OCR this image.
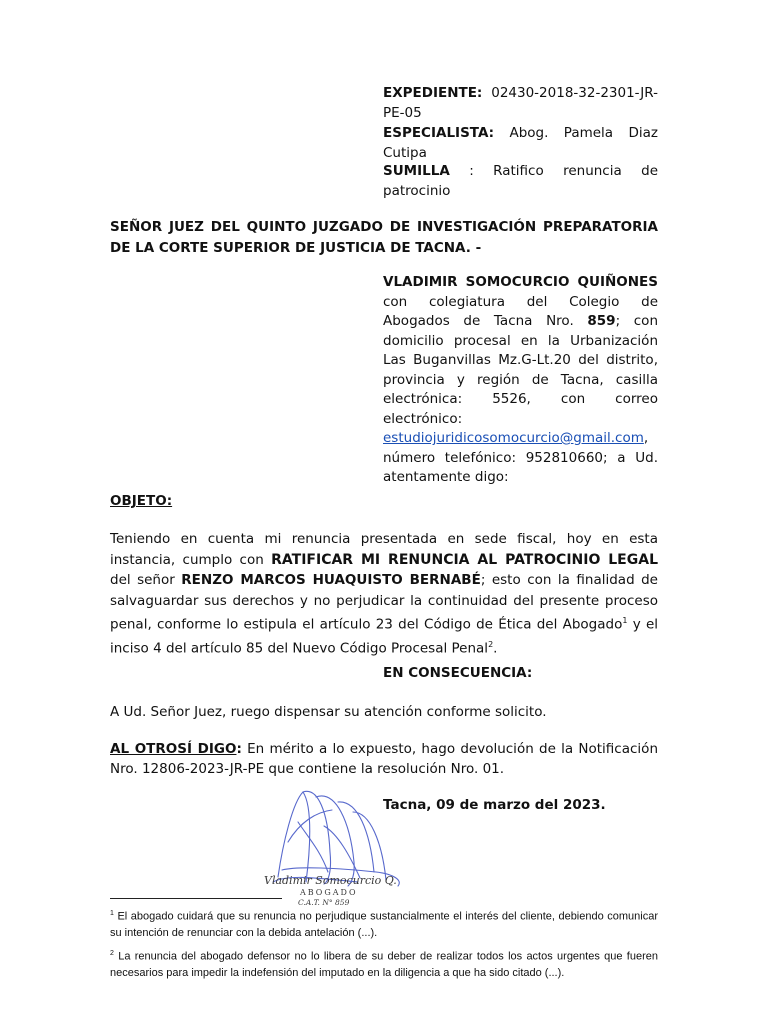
EXPEDIENTE: 02430-2018-32-2301-JR-PE-05
ESPECIALISTA: Abog. Pamela Diaz Cutipa
SUMILLA : Ratifico renuncia de patrocinio
SEÑOR JUEZ DEL QUINTO JUZGADO DE INVESTIGACIÓN PREPARATORIA DE LA CORTE SUPERIOR DE JUSTICIA DE TACNA. -
VLADIMIR SOMOCURCIO QUIÑONES con colegiatura del Colegio de Abogados de Tacna Nro. 859; con domicilio procesal en la Urbanización Las Buganvillas Mz.G-Lt.20 del distrito, provincia y región de Tacna, casilla electrónica: 5526, con correo electrónico: estudiojuridicosomocurcio@gmail.com, número telefónico: 952810660; a Ud. atentamente digo:
OBJETO:
Teniendo en cuenta mi renuncia presentada en sede fiscal, hoy en esta instancia, cumplo con RATIFICAR MI RENUNCIA AL PATROCINIO LEGAL del señor RENZO MARCOS HUAQUISTO BERNABÉ; esto con la finalidad de salvaguardar sus derechos y no perjudicar la continuidad del presente proceso penal, conforme lo estipula el artículo 23 del Código de Ética del Abogado$^1$ y el inciso 4 del artículo 85 del Nuevo Código Procesal Penal$^2$.
EN CONSECUENCIA:
A Ud. Señor Juez, ruego dispensar su atención conforme solicito.
AL OTROSÍ DIGO: En mérito a lo expuesto, hago devolución de la Notificación Nro. 12806-2023-JR-PE que contiene la resolución Nro. 01.
Tacna, 09 de marzo del 2023.
Vladimir Somocurcio Q.
ABOGADO
C.A.T. N° 859
$^1$ El abogado cuidará que su renuncia no perjudique sustancialmente el interés del cliente, debiendo comunicar su intención de renunciar con la debida antelación (...).
$^2$ La renuncia del abogado defensor no lo libera de su deber de realizar todos los actos urgentes que fueren necesarios para impedir la indefensión del imputado en la diligencia a que ha sido citado (...).
